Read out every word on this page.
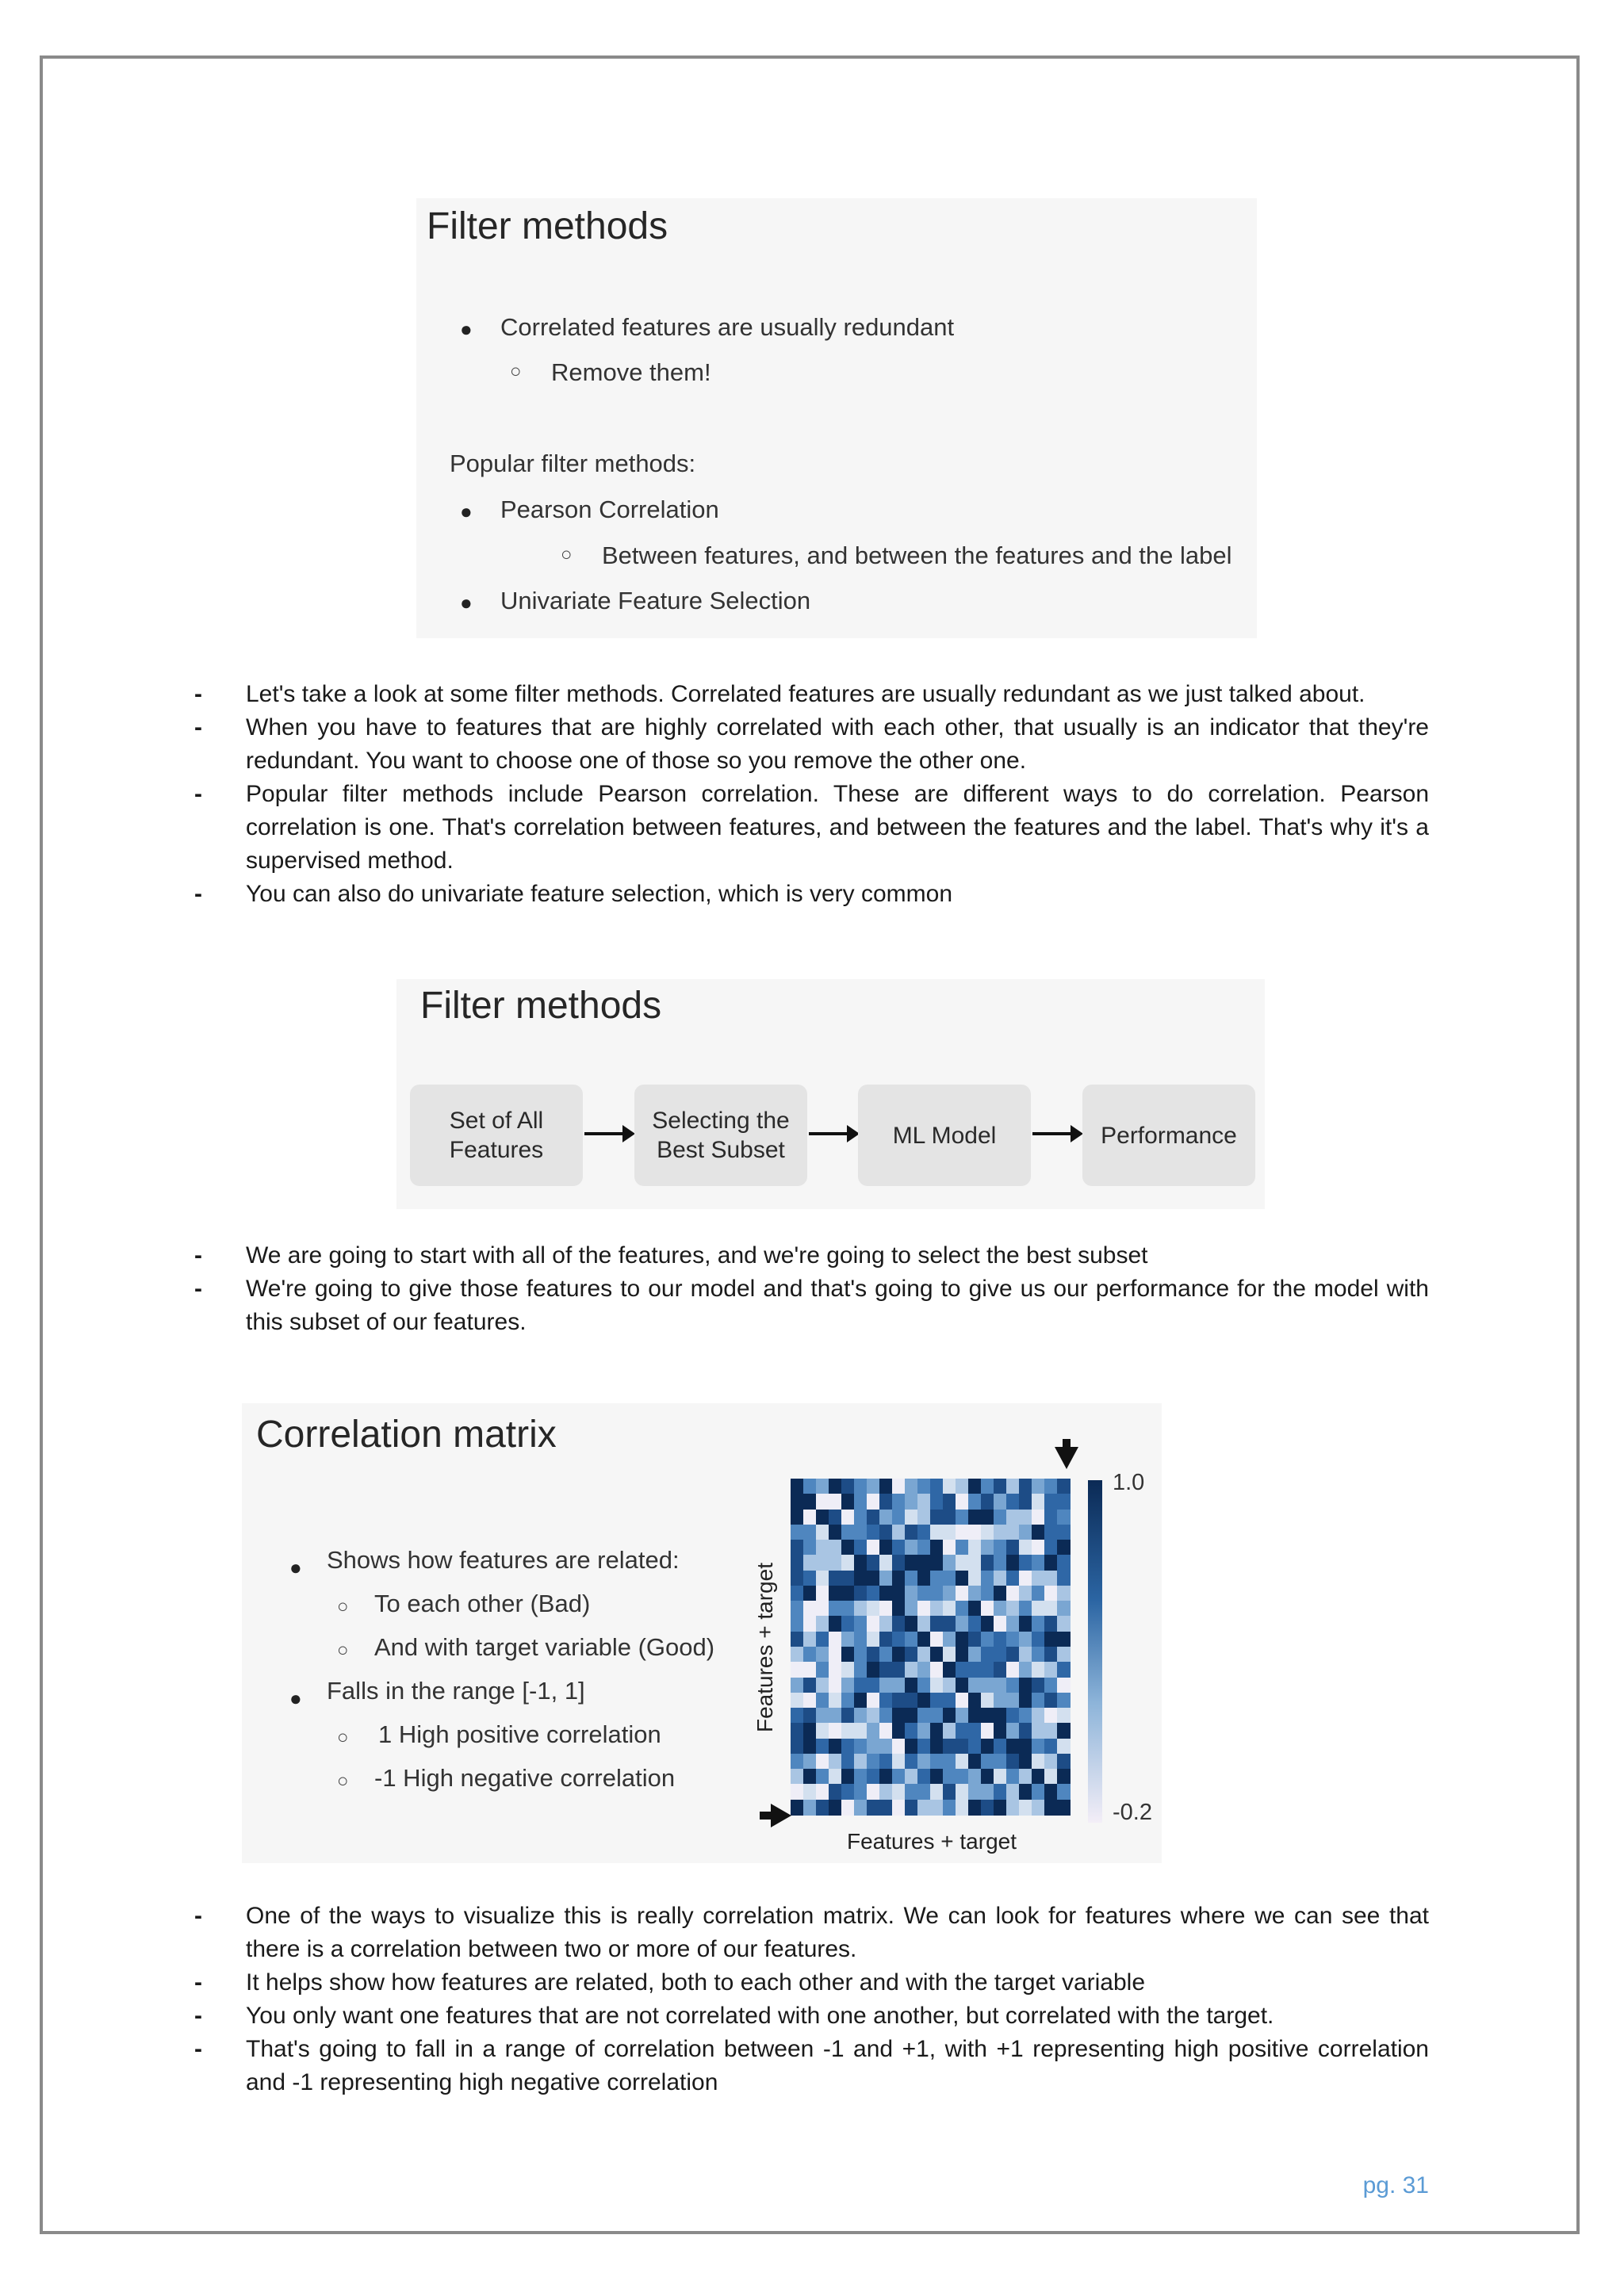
Filter methods
● Correlated features are usually redundant
○ Remove them!
Popular filter methods:
● Pearson Correlation
○ Between features, and between the features and the label
● Univariate Feature Selection
- Let's take a look at some filter methods. Correlated features are usually redundant as we just talked about.
- When you have to features that are highly correlated with each other, that usually is an indicator that they're redundant. You want to choose one of those so you remove the other one.
- Popular filter methods include Pearson correlation. These are different ways to do correlation. Pearson correlation is one. That's correlation between features, and between the features and the label. That's why it's a supervised method.
- You can also do univariate feature selection, which is very common
Filter methods
Set of All Features
Selecting the Best Subset
ML Model	Performance
- We are going to start with all of the features, and we're going to select the best subset
- We're going to give those features to our model and that's going to give us our performance for the model with this subset of our features.
Correlation matrix
● Shows how features are related:
○ To each other (Bad)
○ And with target variable (Good)
● Falls in the range [-1, 1]
○ 1 High positive correlation
○ -1 High negative correlation
Features + target
Features + target
1.0
-0.2
- One of the ways to visualize this is really correlation matrix. We can look for features where we can see that there is a correlation between two or more of our features.
- It helps show how features are related, both to each other and with the target variable
- You only want one features that are not correlated with one another, but correlated with the target.
- That's going to fall in a range of correlation between -1 and +1, with +1 representing high positive correlation and -1 representing high negative correlation
pg. 31
